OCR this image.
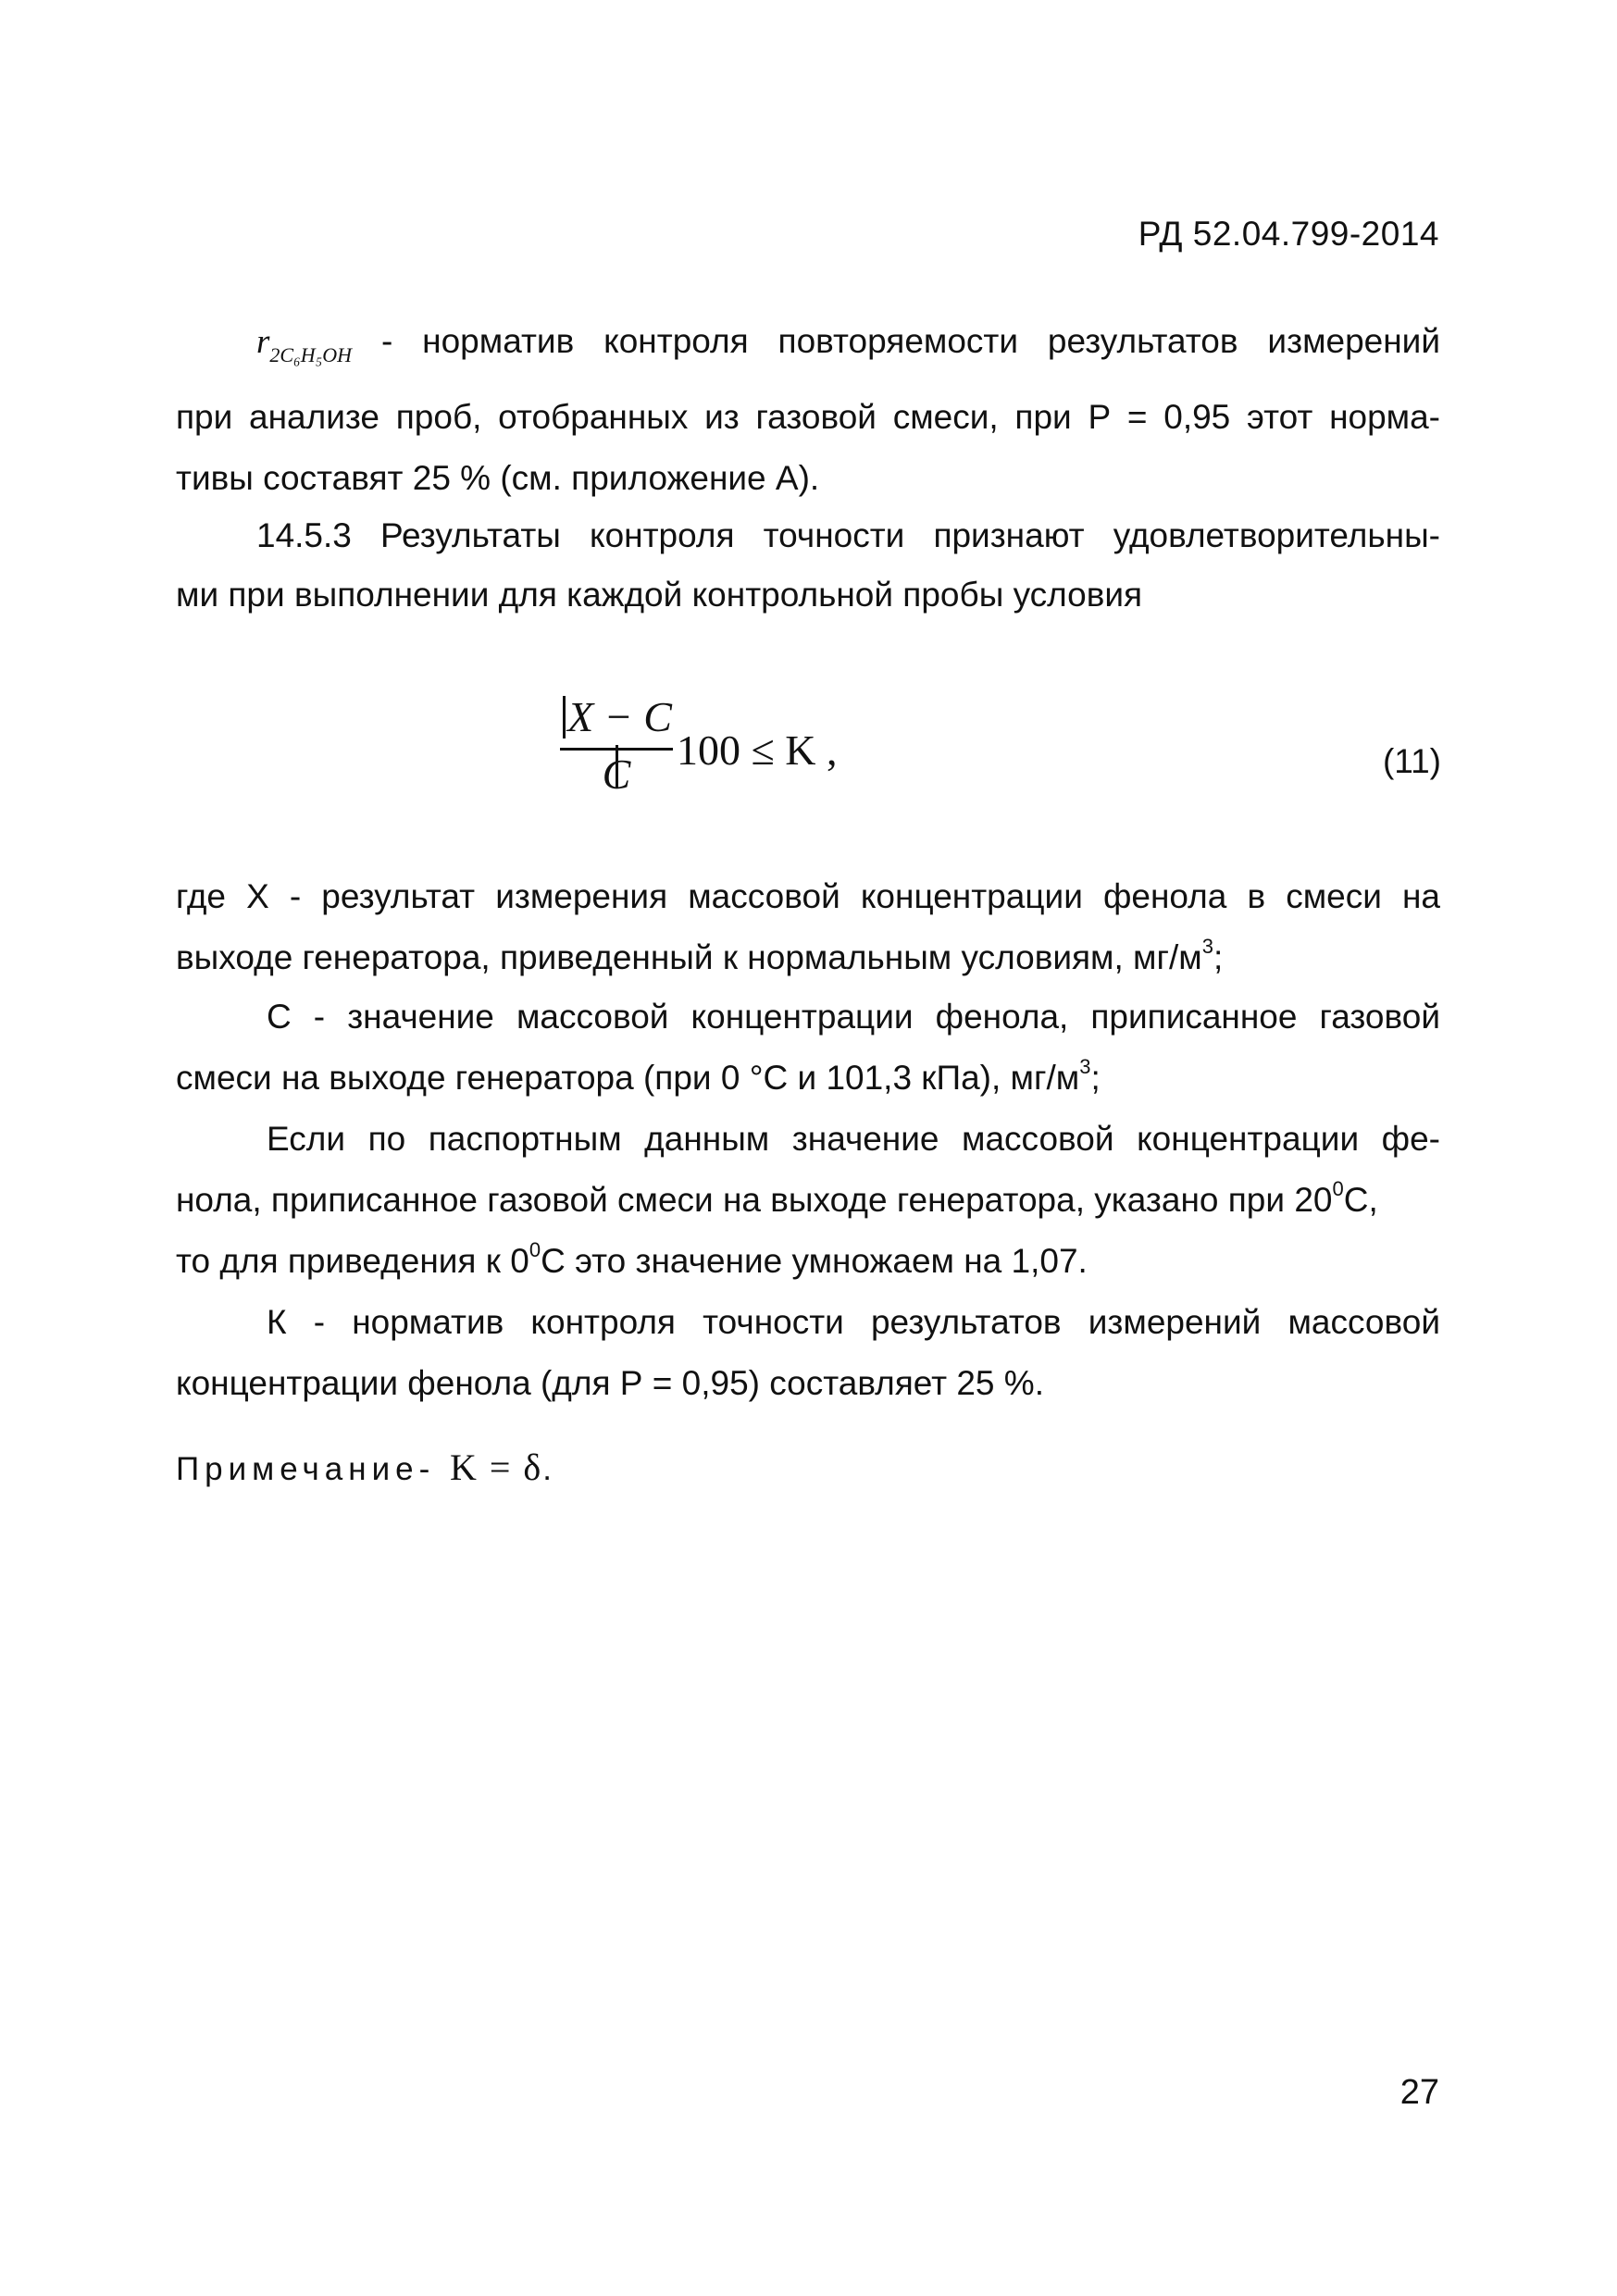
РД 52.04.799-2014
$r_{2C_6H_5OH}$ - норматив контроля повторяемости результатов измерений
при анализе проб, отобранных из газовой смеси, при Р = 0,95 этот норма-
тивы составят 25 % (см. приложение А).
14.5.3 Результаты контроля точности признают удовлетворительны-
ми при выполнении для каждой контрольной пробы условия
X − C
C
100 ≤ K ,	(11)
где Х - результат измерения массовой концентрации фенола в смеси на
выходе генератора, приведенный к нормальным условиям, $мг/м^3$;
С - значение массовой концентрации фенола, приписанное газовой
смеси на выходе генератора (при 0 °С и 101,3 кПа), $мг/м^3$;
Если по паспортным данным значение массовой концентрации фе-
нола, приписанное газовой смеси на выходе генератора, указано при $20^0С$,
то для приведения к $0^0С$ это значение умножаем на 1,07.
К - норматив контроля точности результатов измерений массовой
концентрации фенола (для Р = 0,95) составляет 25 %.
Примечание- K = δ.
27
